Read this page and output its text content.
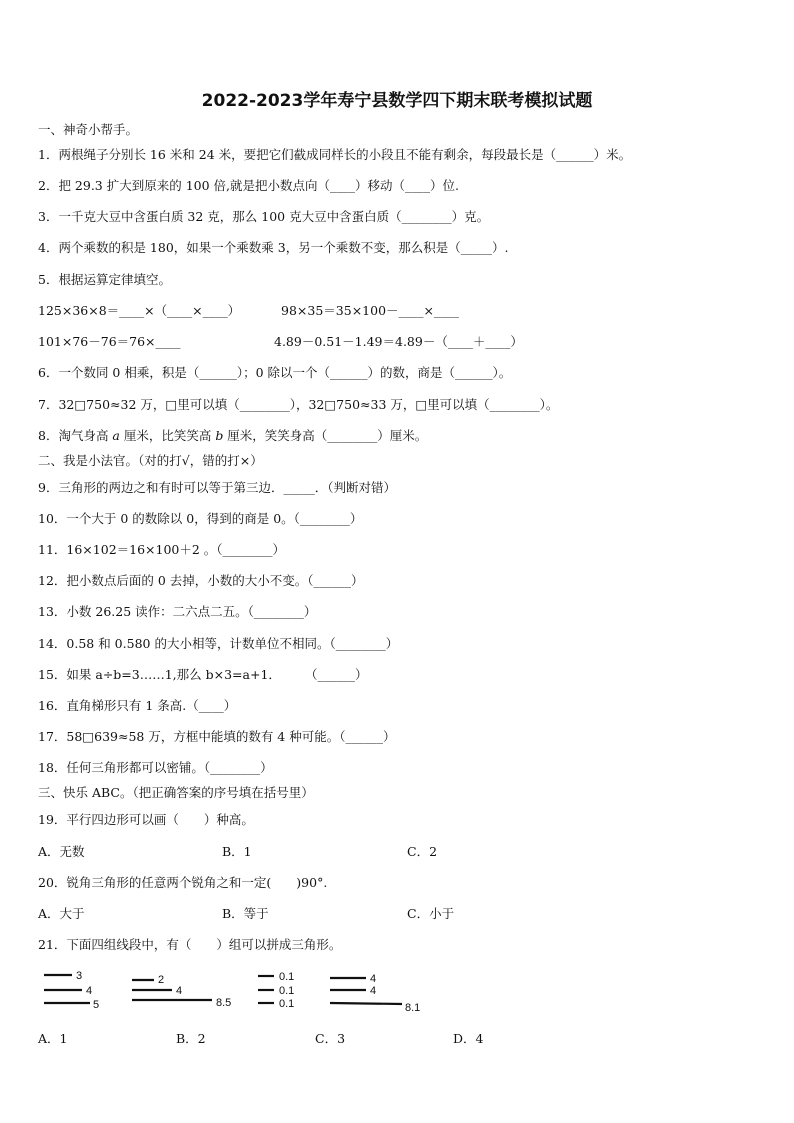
2022-2023学年寿宁县数学四下期末联考模拟试题
一、神奇小帮手。
1．两根绳子分别长 16 米和 24 米，要把它们截成同样长的小段且不能有剩余，每段最长是（______）米。
2．把 29.3 扩大到原来的 100 倍,就是把小数点向（____）移动（____）位.
3．一千克大豆中含蛋白质 32 克，那么 100 克大豆中含蛋白质（________）克。
4．两个乘数的积是 180，如果一个乘数乘 3，另一个乘数不变，那么积是（_____）.
5．根据运算定律填空。
125×36×8＝____×（____×____）	98×35＝35×100－____×____
101×76－76＝76×____	4.89－0.51－1.49＝4.89－（____＋____）
6．一个数同 0 相乘，积是（______）；0 除以一个（______）的数，商是（______）。
7．32□750≈32 万，□里可以填（________），32□750≈33 万，□里可以填（________）。
8．淘气身高 𝑎 厘米，比笑笑高 𝑏 厘米，笑笑身高（________）厘米。
二、我是小法官。（对的打√，错的打×）
9．三角形的两边之和有时可以等于第三边．_____．（判断对错）
10．一个大于 0 的数除以 0，得到的商是 0。（________）
11．16×102＝16×100＋2 。（________）
12．把小数点后面的 0 去掉，小数的大小不变。（______）
13．小数 26.25 读作：二六点二五。（________）
14．0.58 和 0.580 的大小相等，计数单位不相同。（________）
15．如果 a÷b=3……1,那么 b×3=a+1． （______）
16．直角梯形只有 1 条高.（____）
17．58□639≈58 万，方框中能填的数有 4 种可能。（______）
18．任何三角形都可以密铺。（________）
三、快乐 ABC。（把正确答案的序号填在括号里）
19．平行四边形可以画（　　）种高。
A．无数	B．1	C．2
20．锐角三角形的任意两个锐角之和一定(　　)90°.
A．大于	B．等于	C．小于
21．下面四组线段中，有（　　）组可以拼成三角形。
3
4
5
2
4
8.5
0.1
0.1
0.1
4
4
8.1
A．1	B．2	C．3	D．4
